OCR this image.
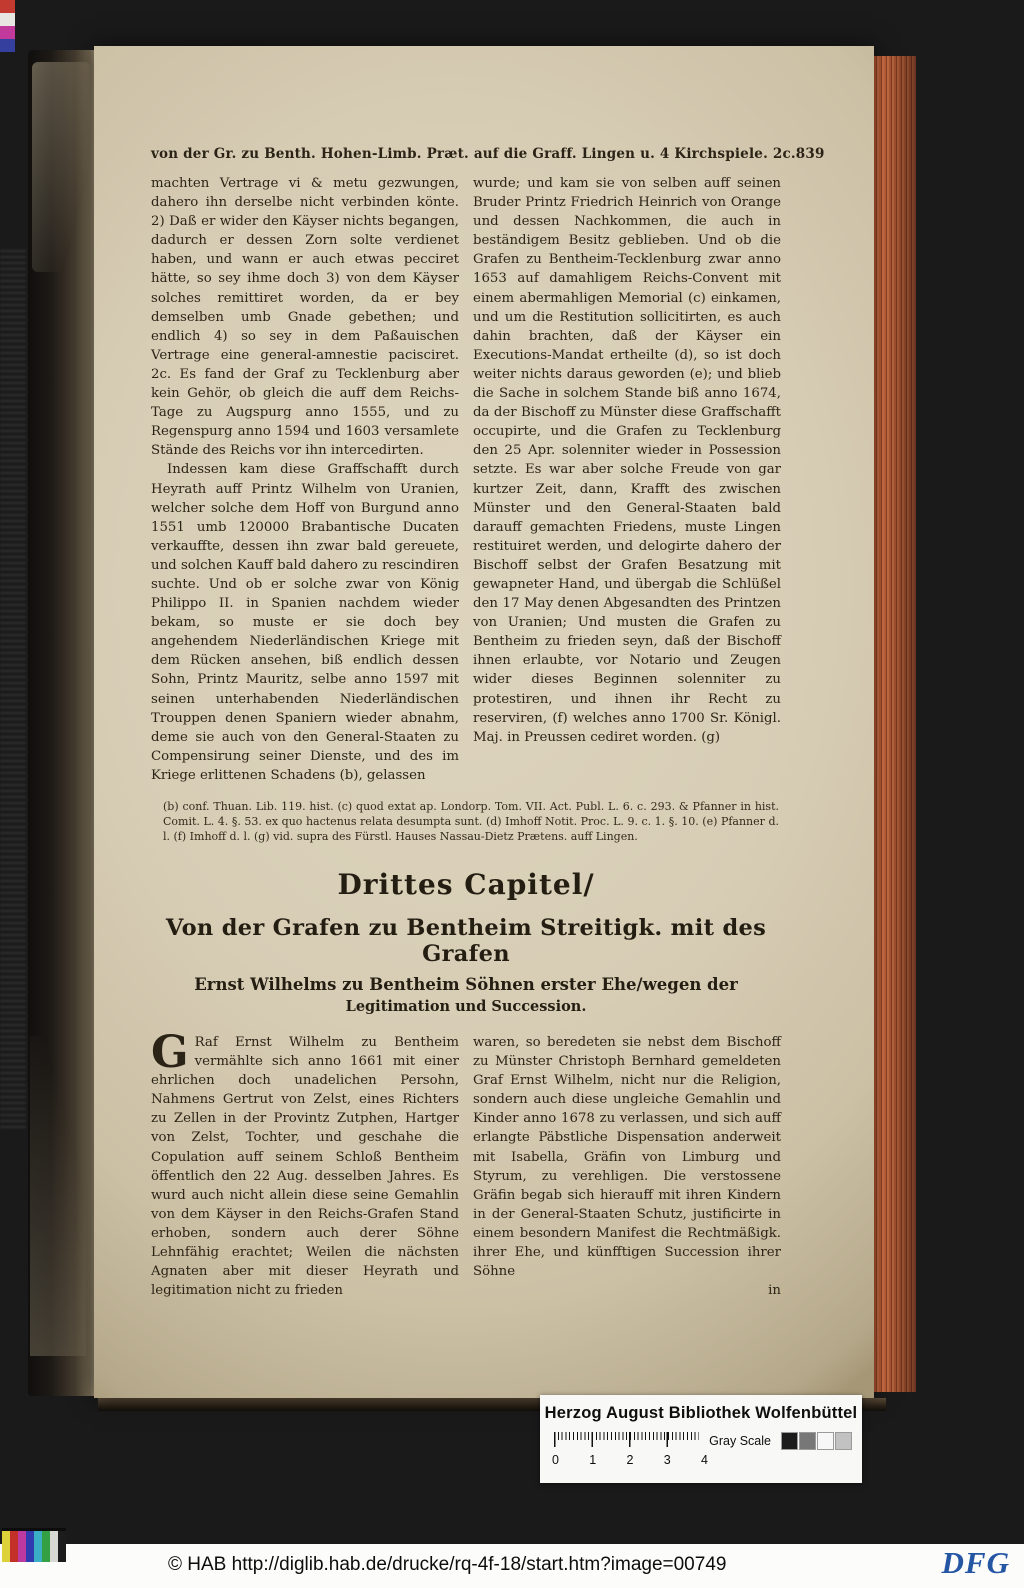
von der Gr. zu Benth. Hohen-Limb. Præt. auf die Graff. Lingen u. 4 Kirchspiele. 2c. 839

machten Vertrage vi & metu gezwungen, dahero ihn derselbe nicht verbinden könte. 2) Daß er wider den Käyser nichts begangen, dadurch er dessen Zorn solte verdienet haben, und wann er auch etwas pecciret hätte, so sey ihme doch 3) von dem Käyser solches remittiret worden, da er bey demselben umb Gnade gebethen; und endlich 4) so sey in dem Paßauischen Vertrage eine general-amnestie pacisciret. 2c. Es fand der Graf zu Tecklenburg aber kein Gehör, ob gleich die auff dem Reichs-Tage zu Augspurg anno 1555, und zu Regenspurg anno 1594 und 1603 versamlete Stände des Reichs vor ihn intercedirten.

Indessen kam diese Graffschafft durch Heyrath auff Printz Wilhelm von Uranien, welcher solche dem Hoff von Burgund anno 1551 umb 120000 Brabantische Ducaten verkauffte, dessen ihn zwar bald gereuete, und solchen Kauff bald dahero zu rescindiren suchte. Und ob er solche zwar von König Philippo II. in Spanien nachdem wieder bekam, so muste er sie doch bey angehendem Niederländischen Kriege mit dem Rücken ansehen, biß endlich dessen Sohn, Printz Mauritz, selbe anno 1597 mit seinen unterhabenden Niederländischen Trouppen denen Spaniern wieder abnahm, deme sie auch von den General-Staaten zu Compensirung seiner Dienste, und des im Kriege erlittenen Schadens (b), gelassen

wurde; und kam sie von selben auff seinen Bruder Printz Friedrich Heinrich von Orange und dessen Nachkommen, die auch in beständigem Besitz geblieben. Und ob die Grafen zu Bentheim-Tecklenburg zwar anno 1653 auf damahligem Reichs-Convent mit einem abermahligen Memorial (c) einkamen, und um die Restitution sollicitirten, es auch dahin brachten, daß der Käyser ein Executions-Mandat ertheilte (d), so ist doch weiter nichts daraus geworden (e); und blieb die Sache in solchem Stande biß anno 1674, da der Bischoff zu Münster diese Graffschafft occupirte, und die Grafen zu Tecklenburg den 25 Apr. solenniter wieder in Possession setzte. Es war aber solche Freude von gar kurtzer Zeit, dann, Krafft des zwischen Münster und den General-Staaten bald darauff gemachten Friedens, muste Lingen restituiret werden, und delogirte dahero der Bischoff selbst der Grafen Besatzung mit gewapneter Hand, und übergab die Schlüßel den 17 May denen Abgesandten des Printzen von Uranien; Und musten die Grafen zu Bentheim zu frieden seyn, daß der Bischoff ihnen erlaubte, vor Notario und Zeugen wider dieses Beginnen solenniter zu protestiren, und ihnen ihr Recht zu reserviren, (f) welches anno 1700 Sr. Königl. Maj. in Preussen cediret worden. (g)

(b) conf. Thuan. Lib. 119. hist. (c) quod extat ap. Londorp. Tom. VII. Act. Publ. L. 6. c. 293. & Pfanner in hist. Comit. L. 4. §. 53. ex quo hactenus relata desumpta sunt. (d) Imhoff Notit. Proc. L. 9. c. 1. §. 10. (e) Pfanner d. l. (f) Imhoff d. l. (g) vid. supra des Fürstl. Hauses Nassau-Dietz Prætens. auff Lingen.
Drittes Capitel/
Von der Grafen zu Bentheim Streitigk. mit des Grafen
Ernst Wilhelms zu Bentheim Söhnen erster Ehe/wegen der
Legitimation und Succession.

G Raf Ernst Wilhelm zu Bentheim vermählte sich anno 1661 mit einer ehrlichen doch unadelichen Persohn, Nahmens Gertrut von Zelst, eines Richters zu Zellen in der Provintz Zutphen, Hartger von Zelst, Tochter, und geschahe die Copulation auff seinem Schloß Bentheim öffentlich den 22 Aug. desselben Jahres. Es wurd auch nicht allein diese seine Gemahlin von dem Käyser in den Reichs-Grafen Stand erhoben, sondern auch derer Söhne Lehnfähig erachtet; Weilen die nächsten Agnaten aber mit dieser Heyrath und legitimation nicht zu frieden

waren, so beredeten sie nebst dem Bischoff zu Münster Christoph Bernhard gemeldeten Graf Ernst Wilhelm, nicht nur die Religion, sondern auch diese ungleiche Gemahlin und Kinder anno 1678 zu verlassen, und sich auff erlangte Päbstliche Dispensation anderweit mit Isabella, Gräfin von Limburg und Styrum, zu verehligen. Die verstossene Gräfin begab sich hierauff mit ihren Kindern in der General-Staaten Schutz, justificirte in einem besondern Manifest die Rechtmäßigk. ihrer Ehe, und künfftigen Succession ihrer Söhne

in
Herzog August Bibliothek Wolfenbüttel
Gray Scale
0 1 2 3 4
© HAB http://diglib.hab.de/drucke/rq-4f-18/start.htm?image=00749	DFG
